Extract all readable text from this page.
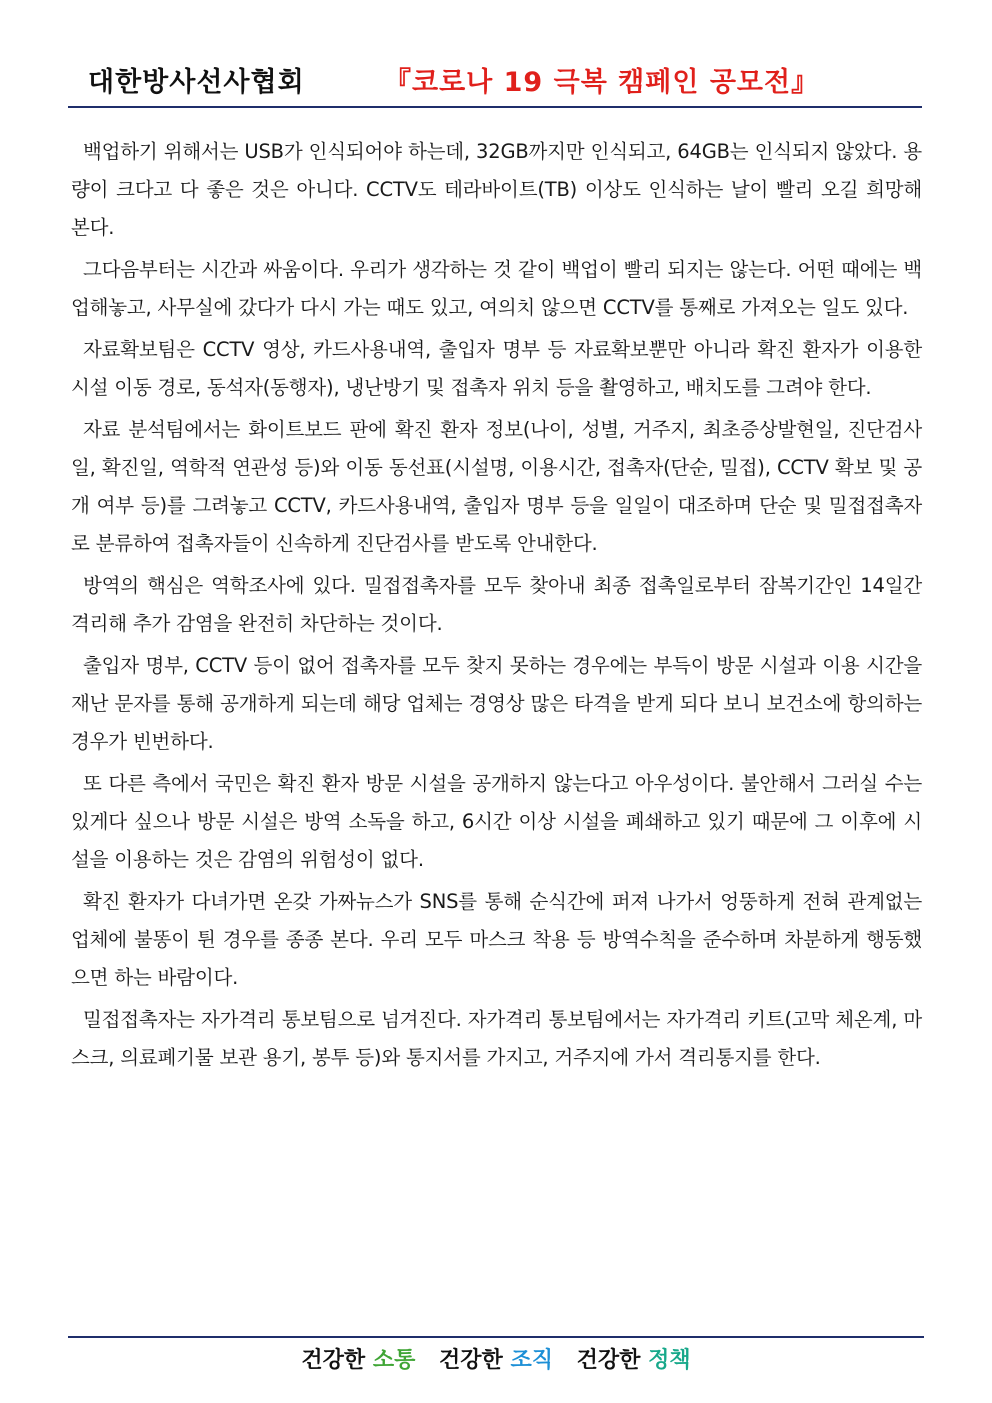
대한방사선사협회	『코로나 19 극복 캠페인 공모전』

백업하기 위해서는 USB가 인식되어야 하는데, 32GB까지만 인식되고, 64GB는 인식되지 않았다. 용량이 크다고 다 좋은 것은 아니다. CCTV도 테라바이트(TB) 이상도 인식하는 날이 빨리 오길 희망해 본다.

그다음부터는 시간과 싸움이다. 우리가 생각하는 것 같이 백업이 빨리 되지는 않는다. 어떤 때에는 백업해놓고, 사무실에 갔다가 다시 가는 때도 있고, 여의치 않으면 CCTV를 통째로 가져오는 일도 있다.

자료확보팀은 CCTV 영상, 카드사용내역, 출입자 명부 등 자료확보뿐만 아니라 확진 환자가 이용한 시설 이동 경로, 동석자(동행자), 냉난방기 및 접촉자 위치 등을 촬영하고, 배치도를 그려야 한다.

자료 분석팀에서는 화이트보드 판에 확진 환자 정보(나이, 성별, 거주지, 최초증상발현일, 진단검사일, 확진일, 역학적 연관성 등)와 이동 동선표(시설명, 이용시간, 접촉자(단순, 밀접), CCTV 확보 및 공개 여부 등)를 그려놓고 CCTV, 카드사용내역, 출입자 명부 등을 일일이 대조하며 단순 및 밀접접촉자로 분류하여 접촉자들이 신속하게 진단검사를 받도록 안내한다.

방역의 핵심은 역학조사에 있다. 밀접접촉자를 모두 찾아내 최종 접촉일로부터 잠복기간인 14일간 격리해 추가 감염을 완전히 차단하는 것이다.

출입자 명부, CCTV 등이 없어 접촉자를 모두 찾지 못하는 경우에는 부득이 방문 시설과 이용 시간을 재난 문자를 통해 공개하게 되는데 해당 업체는 경영상 많은 타격을 받게 되다 보니 보건소에 항의하는 경우가 빈번하다.

또 다른 측에서 국민은 확진 환자 방문 시설을 공개하지 않는다고 아우성이다. 불안해서 그러실 수는 있게다 싶으나 방문 시설은 방역 소독을 하고, 6시간 이상 시설을 폐쇄하고 있기 때문에 그 이후에 시설을 이용하는 것은 감염의 위험성이 없다.

확진 환자가 다녀가면 온갖 가짜뉴스가 SNS를 통해 순식간에 퍼져 나가서 엉뚱하게 전혀 관계없는 업체에 불똥이 튄 경우를 종종 본다. 우리 모두 마스크 착용 등 방역수칙을 준수하며 차분하게 행동했으면 하는 바람이다.

밀접접촉자는 자가격리 통보팀으로 넘겨진다. 자가격리 통보팀에서는 자가격리 키트(고막 체온계, 마스크, 의료폐기물 보관 용기, 봉투 등)와 통지서를 가지고, 거주지에 가서 격리통지를 한다.

건강한 소통 건강한 조직 건강한 정책
